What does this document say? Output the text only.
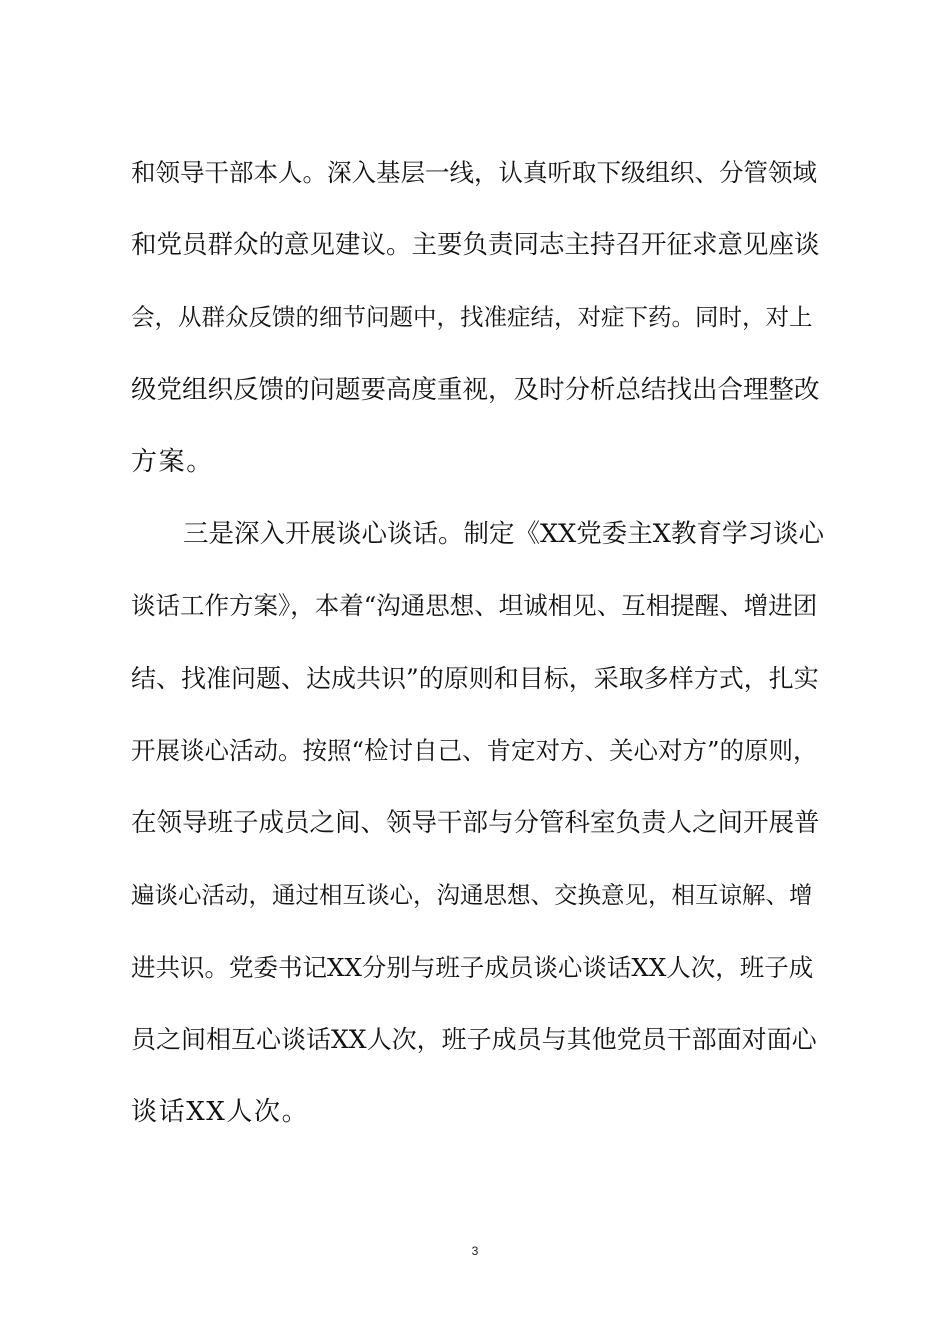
和领导干部本人。深入基层一线，认真听取下级组织、分管领域
和党员群众的意见建议。主要负责同志主持召开征求意见座谈
会，从群众反馈的细节问题中，找准症结，对症下药。同时，对上
级党组织反馈的问题要高度重视，及时分析总结找出合理整改
方案。
三是深入开展谈心谈话。制定《XX党委主X教育学习谈心
谈话工作方案》，本着“沟通思想、坦诚相见、互相提醒、增进团
结、找准问题、达成共识”的原则和目标，采取多样方式，扎实
开展谈心活动。按照“检讨自己、肯定对方、关心对方”的原则，
在领导班子成员之间、领导干部与分管科室负责人之间开展普
遍谈心活动，通过相互谈心，沟通思想、交换意见，相互谅解、增
进共识。党委书记XX分别与班子成员谈心谈话XX人次，班子成
员之间相互心谈话XX人次，班子成员与其他党员干部面对面心
谈话XX人次。
3
